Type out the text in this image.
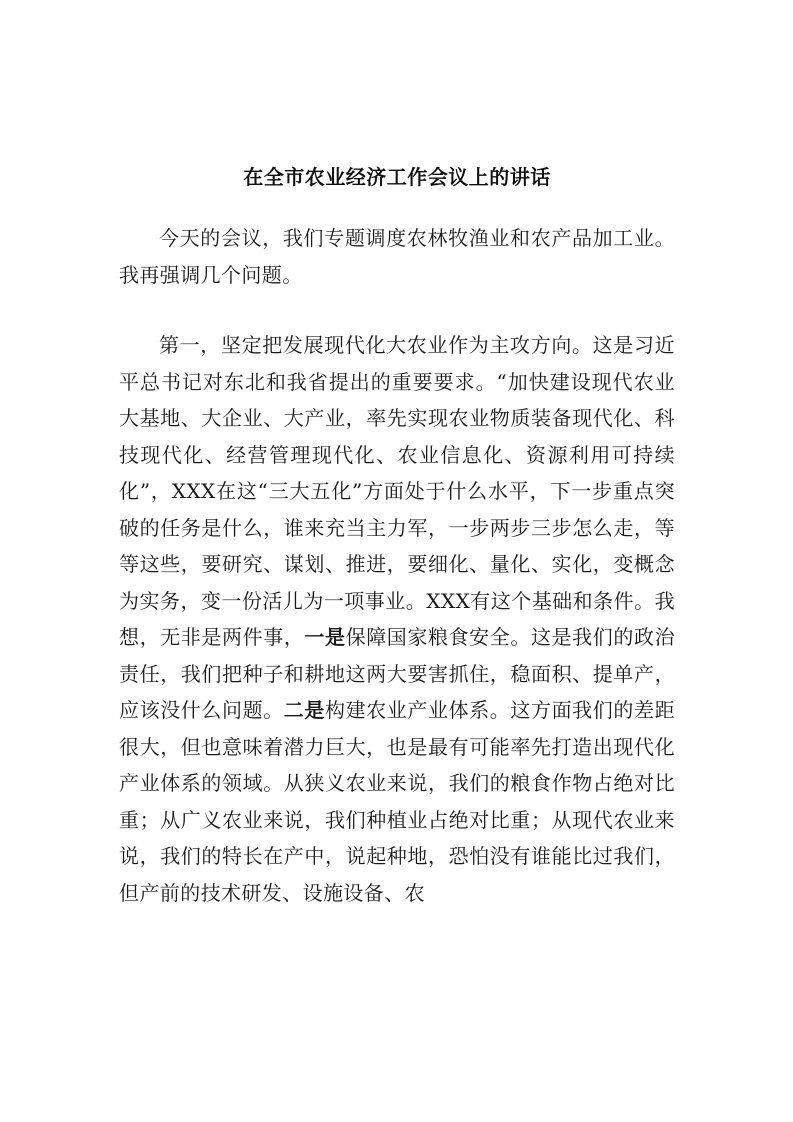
在全市农业经济工作会议上的讲话

今天的会议，我们专题调度农林牧渔业和农产品加工业。我再强调几个问题。

第一，坚定把发展现代化大农业作为主攻方向。这是习近平总书记对东北和我省提出的重要要求。“加快建设现代农业大基地、大企业、大产业，率先实现农业物质装备现代化、科技现代化、经营管理现代化、农业信息化、资源利用可持续化”，XXX在这“三大五化”方面处于什么水平，下一步重点突破的任务是什么，谁来充当主力军，一步两步三步怎么走，等等这些，要研究、谋划、推进，要细化、量化、实化，变概念为实务，变一份活儿为一项事业。XXX有这个基础和条件。我想，无非是两件事，一是保障国家粮食安全。这是我们的政治责任，我们把种子和耕地这两大要害抓住，稳面积、提单产，应该没什么问题。二是构建农业产业体系。这方面我们的差距很大，但也意味着潜力巨大，也是最有可能率先打造出现代化产业体系的领域。从狭义农业来说，我们的粮食作物占绝对比重；从广义农业来说，我们种植业占绝对比重；从现代农业来说，我们的特长在产中，说起种地，恐怕没有谁能比过我们，但产前的技术研发、设施设备、农
